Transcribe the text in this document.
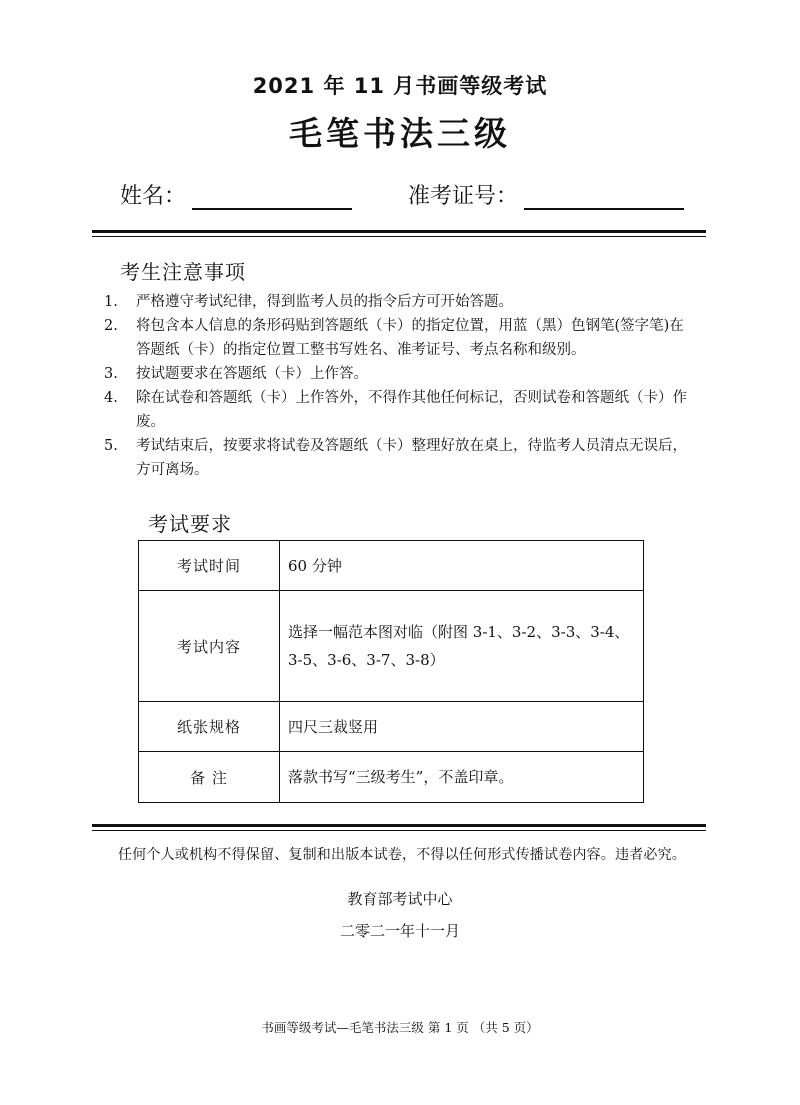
2021 年 11 月书画等级考试
毛笔书法三级
姓名：	准考证号：
考生注意事项
1.	严格遵守考试纪律，得到监考人员的指令后方可开始答题。
2.	将包含本人信息的条形码贴到答题纸（卡）的指定位置，用蓝（黑）色钢笔(签字笔)在答题纸（卡）的指定位置工整书写姓名、准考证号、考点名称和级别。
3.	按试题要求在答题纸（卡）上作答。
4.	除在试卷和答题纸（卡）上作答外，不得作其他任何标记，否则试卷和答题纸（卡）作废。
5.	考试结束后，按要求将试卷及答题纸（卡）整理好放在桌上，待监考人员清点无误后，方可离场。
考试要求
考试时间	60 分钟
考试内容	选择一幅范本图对临（附图 3-1、3-2、3-3、3-4、3-5、3-6、3-7、3-8）
纸张规格	四尺三裁竖用
备 注	落款书写“三级考生”，不盖印章。
任何个人或机构不得保留、复制和出版本试卷，不得以任何形式传播试卷内容。违者必究。
教育部考试中心
二零二一年十一月
书画等级考试—毛笔书法三级 第 1 页 （共 5 页）
